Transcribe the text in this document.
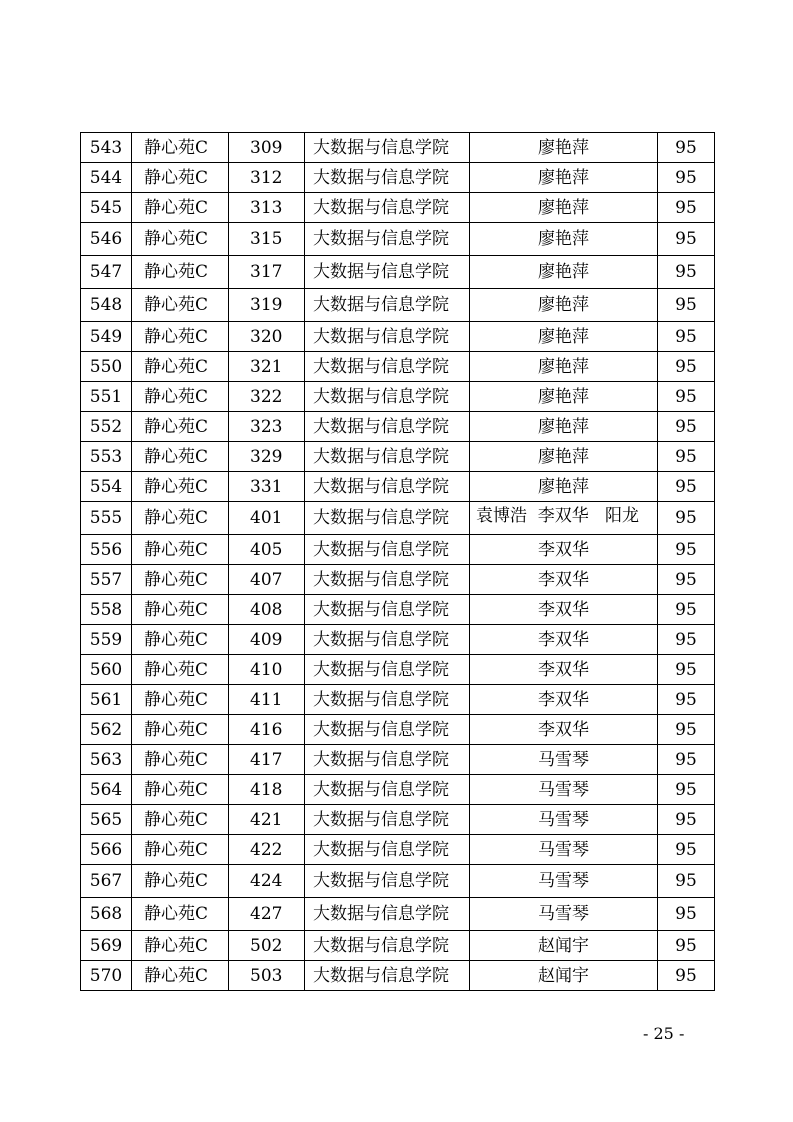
543	静心苑C	309	大数据与信息学院	廖艳萍	95
544	静心苑C	312	大数据与信息学院	廖艳萍	95
545	静心苑C	313	大数据与信息学院	廖艳萍	95
546	静心苑C	315	大数据与信息学院	廖艳萍	95
547	静心苑C	317	大数据与信息学院	廖艳萍	95
548	静心苑C	319	大数据与信息学院	廖艳萍	95
549	静心苑C	320	大数据与信息学院	廖艳萍	95
550	静心苑C	321	大数据与信息学院	廖艳萍	95
551	静心苑C	322	大数据与信息学院	廖艳萍	95
552	静心苑C	323	大数据与信息学院	廖艳萍	95
553	静心苑C	329	大数据与信息学院	廖艳萍	95
554	静心苑C	331	大数据与信息学院	廖艳萍	95
555	静心苑C	401	大数据与信息学院	袁博浩  李双华   阳龙	95
556	静心苑C	405	大数据与信息学院	李双华	95
557	静心苑C	407	大数据与信息学院	李双华	95
558	静心苑C	408	大数据与信息学院	李双华	95
559	静心苑C	409	大数据与信息学院	李双华	95
560	静心苑C	410	大数据与信息学院	李双华	95
561	静心苑C	411	大数据与信息学院	李双华	95
562	静心苑C	416	大数据与信息学院	李双华	95
563	静心苑C	417	大数据与信息学院	马雪琴	95
564	静心苑C	418	大数据与信息学院	马雪琴	95
565	静心苑C	421	大数据与信息学院	马雪琴	95
566	静心苑C	422	大数据与信息学院	马雪琴	95
567	静心苑C	424	大数据与信息学院	马雪琴	95
568	静心苑C	427	大数据与信息学院	马雪琴	95
569	静心苑C	502	大数据与信息学院	赵闻宇	95
570	静心苑C	503	大数据与信息学院	赵闻宇	95
- 25 -
